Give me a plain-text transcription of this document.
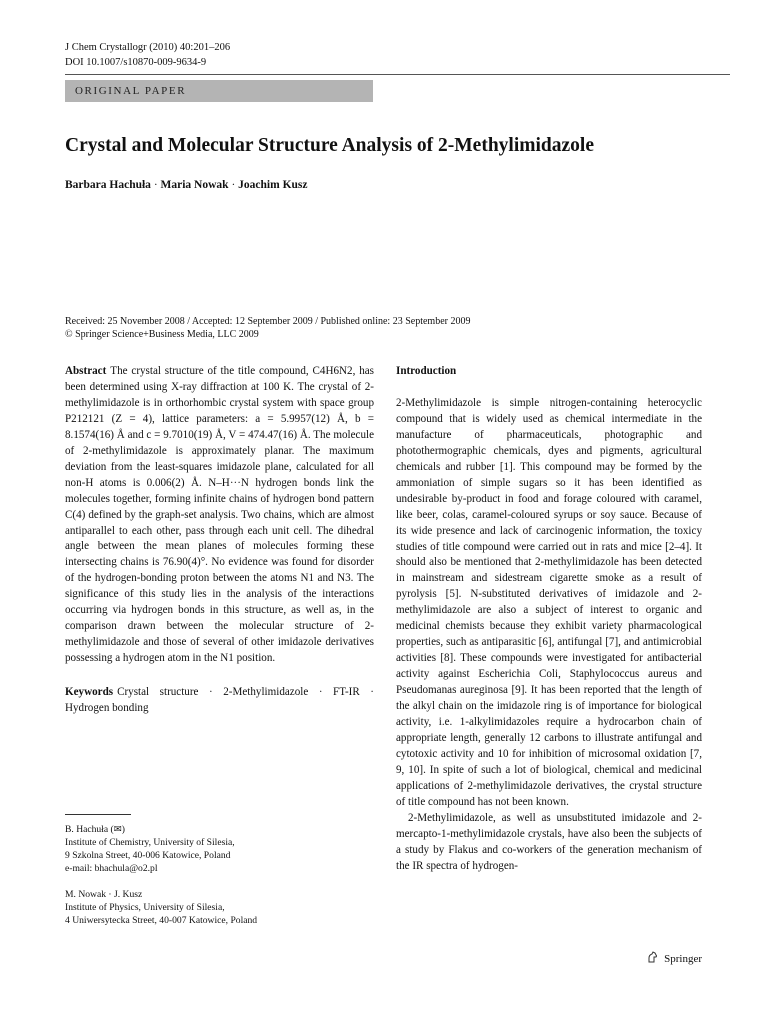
J Chem Crystallogr (2010) 40:201–206
DOI 10.1007/s10870-009-9634-9
ORIGINAL PAPER
Crystal and Molecular Structure Analysis of 2-Methylimidazole
Barbara Hachuła · Maria Nowak · Joachim Kusz
Received: 25 November 2008 / Accepted: 12 September 2009 / Published online: 23 September 2009
© Springer Science+Business Media, LLC 2009

Abstract The crystal structure of the title compound, C4H6N2, has been determined using X-ray diffraction at 100 K. The crystal of 2-methylimidazole is in orthorhombic crystal system with space group P212121 (Z = 4), lattice parameters: a = 5.9957(12) Å, b = 8.1574(16) Å and c = 9.7010(19) Å, V = 474.47(16) Å. The molecule of 2-methylimidazole is approximately planar. The maximum deviation from the least-squares imidazole plane, calculated for all non-H atoms is 0.006(2) Å. N–H···N hydrogen bonds link the molecules together, forming infinite chains of hydrogen bond pattern C(4) defined by the graph-set analysis. Two chains, which are almost antiparallel to each other, pass through each unit cell. The dihedral angle between the mean planes of molecules forming these intersecting chains is 76.90(4)°. No evidence was found for disorder of the hydrogen-bonding proton between the atoms N1 and N3. The significance of this study lies in the analysis of the interactions occurring via hydrogen bonds in this structure, as well as, in the comparison drawn between the molecular structure of 2-methylimidazole and those of several of other imidazole derivatives possessing a hydrogen atom in the N1 position.

Keywords Crystal structure · 2-Methylimidazole · FT-IR · Hydrogen bonding

B. Hachuła (✉)
Institute of Chemistry, University of Silesia,
9 Szkolna Street, 40-006 Katowice, Poland
e-mail: bhachula@o2.pl
M. Nowak · J. Kusz
Institute of Physics, University of Silesia,
4 Uniwersytecka Street, 40-007 Katowice, Poland
Introduction

2-Methylimidazole is simple nitrogen-containing heterocyclic compound that is widely used as chemical intermediate in the manufacture of pharmaceuticals, photographic and photothermographic chemicals, dyes and pigments, agricultural chemicals and rubber [1]. This compound may be formed by the ammoniation of simple sugars so it has been identified as undesirable by-product in food and forage coloured with caramel, like beer, colas, caramel-coloured syrups or soy sauce. Because of its wide presence and lack of carcinogenic information, the toxicy studies of title compound were carried out in rats and mice [2–4]. It should also be mentioned that 2-methylimidazole has been detected in mainstream and sidestream cigarette smoke as a result of pyrolysis [5]. N-substituted derivatives of imidazole and 2-methylimidazole are also a subject of interest to organic and medicinal chemists because they exhibit variety pharmacological properties, such as antiparasitic [6], antifungal [7], and antimicrobial activities [8]. These compounds were investigated for antibacterial activity against Escherichia Coli, Staphylococcus aureus and Pseudomanas aureginosa [9]. It has been reported that the length of the alkyl chain on the imidazole ring is of importance for biological activity, i.e. 1-alkylimidazoles require a hydrocarbon chain of appropriate length, generally 12 carbons to illustrate antifungal and cytotoxic activity and 10 for inhibition of microsomal oxidation [7, 9, 10]. In spite of such a lot of biological, chemical and medicinal applications of 2-methylimidazole derivatives, the crystal structure of title compound has not been known.

2-Methylimidazole, as well as unsubstituted imidazole and 2-mercapto-1-methylimidazole crystals, have also been the subjects of a study by Flakus and co-workers of the generation mechanism of the IR spectra of hydrogen-

Springer
